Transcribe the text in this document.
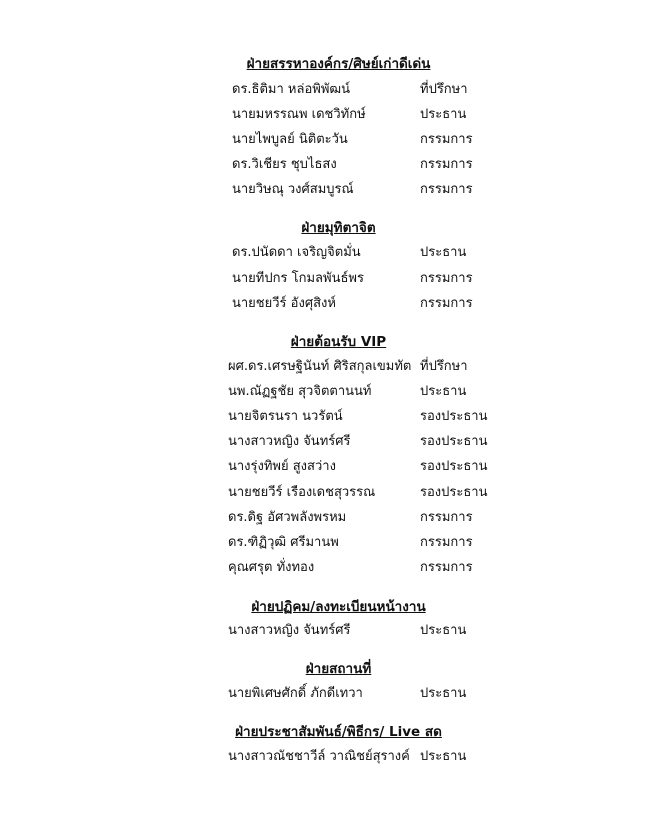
ฝ่ายสรรหาองค์กร/ศิษย์เก่าดีเด่น
ดร.ธิติมา หล่อพิพัฒน์	ที่ปรึกษา
นายมหรรณพ เดชวิทักษ์	ประธาน
นายไพบูลย์ นิติตะวัน	กรรมการ
ดร.วิเชียร ชุบไธสง	กรรมการ
นายวิษณุ วงศ์สมบูรณ์	กรรมการ
ฝ่ายมุทิตาจิต
ดร.ปนัดดา เจริญจิตมั่น	ประธาน
นายทีปกร โกมลพันธ์พร	กรรมการ
นายชยวีร์ อังศุสิงห์	กรรมการ
ฝ่ายต้อนรับ VIP
ผศ.ดร.เศรษฐินันท์ ศิริสกุลเขมทัต ที่ปรึกษา
นพ.ณัฏฐชัย สุวจิตตานนท์	ประธาน
นายจิตรนรา นวรัตน์	รองประธาน
นางสาวหญิง จันทร์ศรี	รองประธาน
นางรุ่งทิพย์ สูงสว่าง	รองประธาน
นายชยวีร์ เรืองเดชสุวรรณ	รองประธาน
ดร.ดิฐ อัศวพลังพรหม	กรรมการ
ดร.ฑิฏิวุฒิ ศรีมานพ	กรรมการ
คุณศรุต ทั่งทอง	กรรมการ
ฝ่ายปฏิคม/ลงทะเบียนหน้างาน
นางสาวหญิง จันทร์ศรี	ประธาน
ฝ่ายสถานที่
นายพิเศษศักดิ์ ภักดีเทวา	ประธาน
ฝ่ายประชาสัมพันธ์/พิธีกร/ Live สด
นางสาวณัชชาวีล์ วาณิชย์สุรางค์ ประธาน
